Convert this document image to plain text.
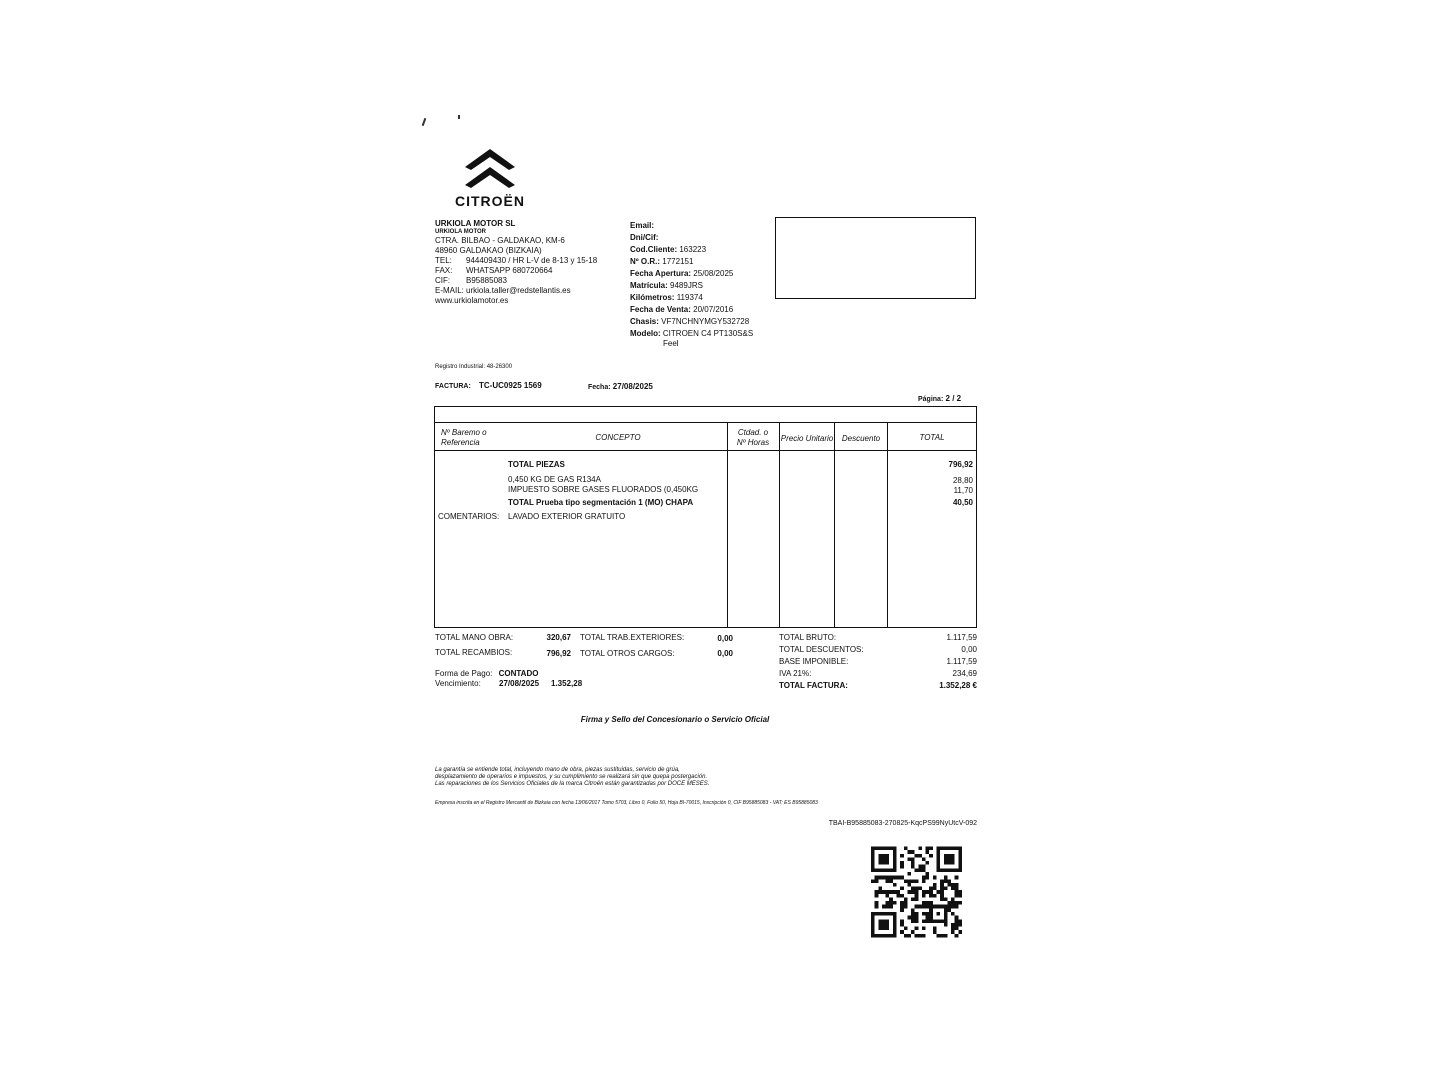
CITROËN
URKIOLA MOTOR SL
URKIOLA MOTOR
CTRA. BILBAO - GALDAKAO, KM-6
48960 GALDAKAO (BIZKAIA)
TEL: 944409430 / HR L-V de 8-13 y 15-18
FAX: WHATSAPP 680720664
CIF: B95885083
E-MAIL: urkiola.taller@redstellantis.es
www.urkiolamotor.es
Email:
Dni/Cif:
Cod.Cliente: 163223
Nº O.R.: 1772151
Fecha Apertura: 25/08/2025
Matrícula: 9489JRS
Kilómetros: 119374
Fecha de Venta: 20/07/2016
Chasis: VF7NCHNYMGY532728
Modelo: CITROEN C4 PT130S&S
Feel
Registro Industrial: 48-26300
FACTURA: TC-UC0925 1569	Fecha: 27/08/2025
Página: 2 / 2
Nº Baremo o
Referencia
CONCEPTO
Ctdad. o
Nº Horas	Precio Unitario	Descuento	TOTAL
TOTAL PIEZAS	796,92
0,450 KG DE GAS R134A	28,80
IMPUESTO SOBRE GASES FLUORADOS (0,450KG	11,70
TOTAL Prueba tipo segmentación 1 (MO) CHAPA	40,50
COMENTARIOS: LAVADO EXTERIOR GRATUITO
TOTAL MANO OBRA:	320,67 TOTAL TRAB.EXTERIORES:	0,00
TOTAL RECAMBIOS:	796,92 TOTAL OTROS CARGOS:	0,00
Forma de Pago: CONTADO
Vencimiento: 27/08/2025 1.352,28
TOTAL BRUTO:	1.117,59
TOTAL DESCUENTOS:	0,00
BASE IMPONIBLE:	1.117,59
IVA 21%:	234,69
TOTAL FACTURA:	1.352,28 €
Firma y Sello del Concesionario o Servicio Oficial
La garantía se entiende total, incluyendo mano de obra, piezas sustituidas, servicio de grúa,
desplazamiento de operarios e impuestos, y su cumplimiento se realizará sin que quepa postergación.
Las reparaciones de los Servicios Oficiales de la marca Citroën están garantizadas por DOCE MESES.
Empresa inscrita en el Registro Mercantil de Bizkaia con fecha 13/06/2017 Tomo 5703, Libro 0, Folio 50, Hoja BI-70015, Inscripción 0, CIF B95885083 - VAT: ES B95885083
TBAI-B95885083-270825-KqcPS99NyUtcV-092
